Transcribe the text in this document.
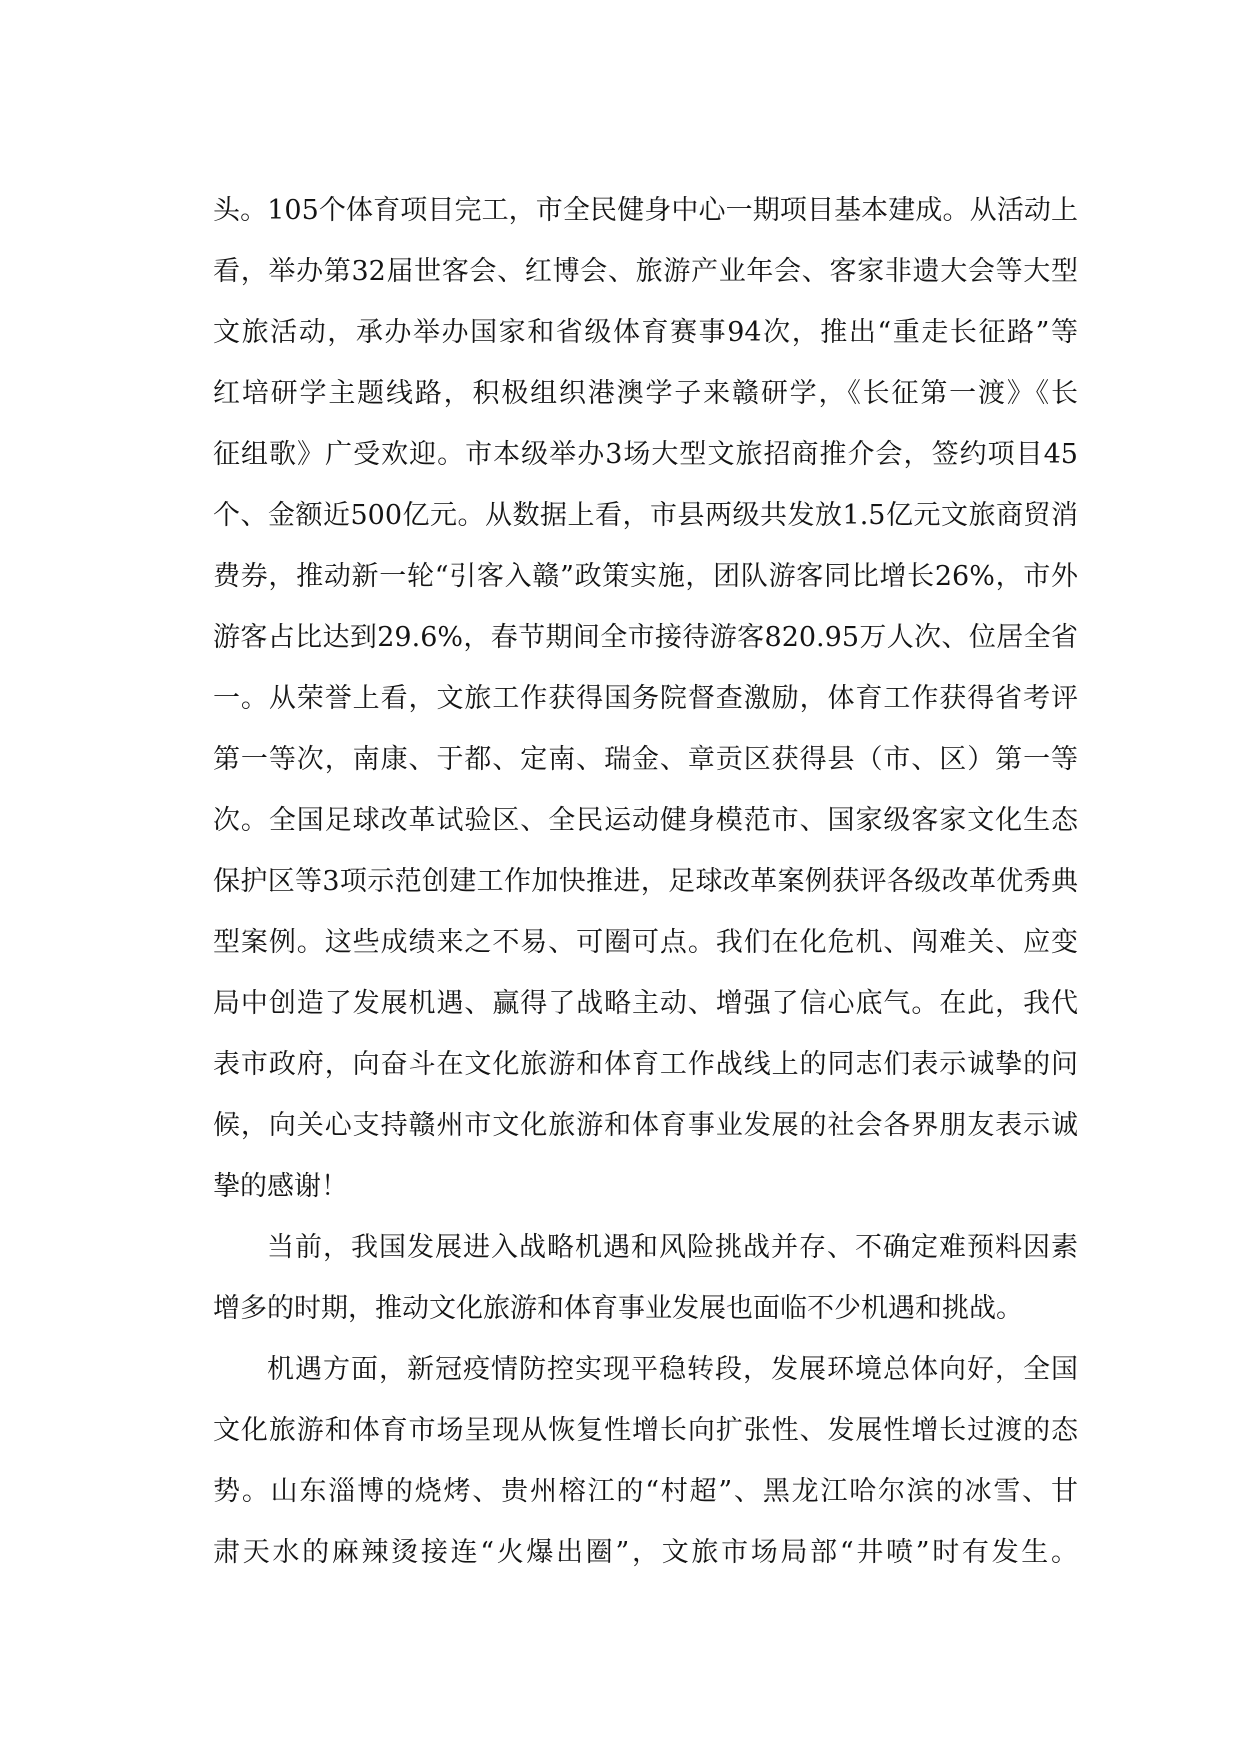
头。105个体育项目完工，市全民健身中心一期项目基本建成。从活动上
看，举办第32届世客会、红博会、旅游产业年会、客家非遗大会等大型
文旅活动，承办举办国家和省级体育赛事94次，推出“重走长征路”等
红培研学主题线路，积极组织港澳学子来赣研学，《长征第一渡》《长
征组歌》广受欢迎。市本级举办3场大型文旅招商推介会，签约项目45
个、金额近500亿元。从数据上看，市县两级共发放1.5亿元文旅商贸消
费券，推动新一轮“引客入赣”政策实施，团队游客同比增长26%，市外
游客占比达到29.6%，春节期间全市接待游客820.95万人次、位居全省
一。从荣誉上看，文旅工作获得国务院督查激励，体育工作获得省考评
第一等次，南康、于都、定南、瑞金、章贡区获得县（市、区）第一等
次。全国足球改革试验区、全民运动健身模范市、国家级客家文化生态
保护区等3项示范创建工作加快推进，足球改革案例获评各级改革优秀典
型案例。这些成绩来之不易、可圈可点。我们在化危机、闯难关、应变
局中创造了发展机遇、赢得了战略主动、增强了信心底气。在此，我代
表市政府，向奋斗在文化旅游和体育工作战线上的同志们表示诚挚的问
候，向关心支持赣州市文化旅游和体育事业发展的社会各界朋友表示诚
挚的感谢！
当前，我国发展进入战略机遇和风险挑战并存、不确定难预料因素
增多的时期，推动文化旅游和体育事业发展也面临不少机遇和挑战。
机遇方面，新冠疫情防控实现平稳转段，发展环境总体向好，全国
文化旅游和体育市场呈现从恢复性增长向扩张性、发展性增长过渡的态
势。山东淄博的烧烤、贵州榕江的“村超”、黑龙江哈尔滨的冰雪、甘
肃天水的麻辣烫接连“火爆出圈”，文旅市场局部“井喷”时有发生。
